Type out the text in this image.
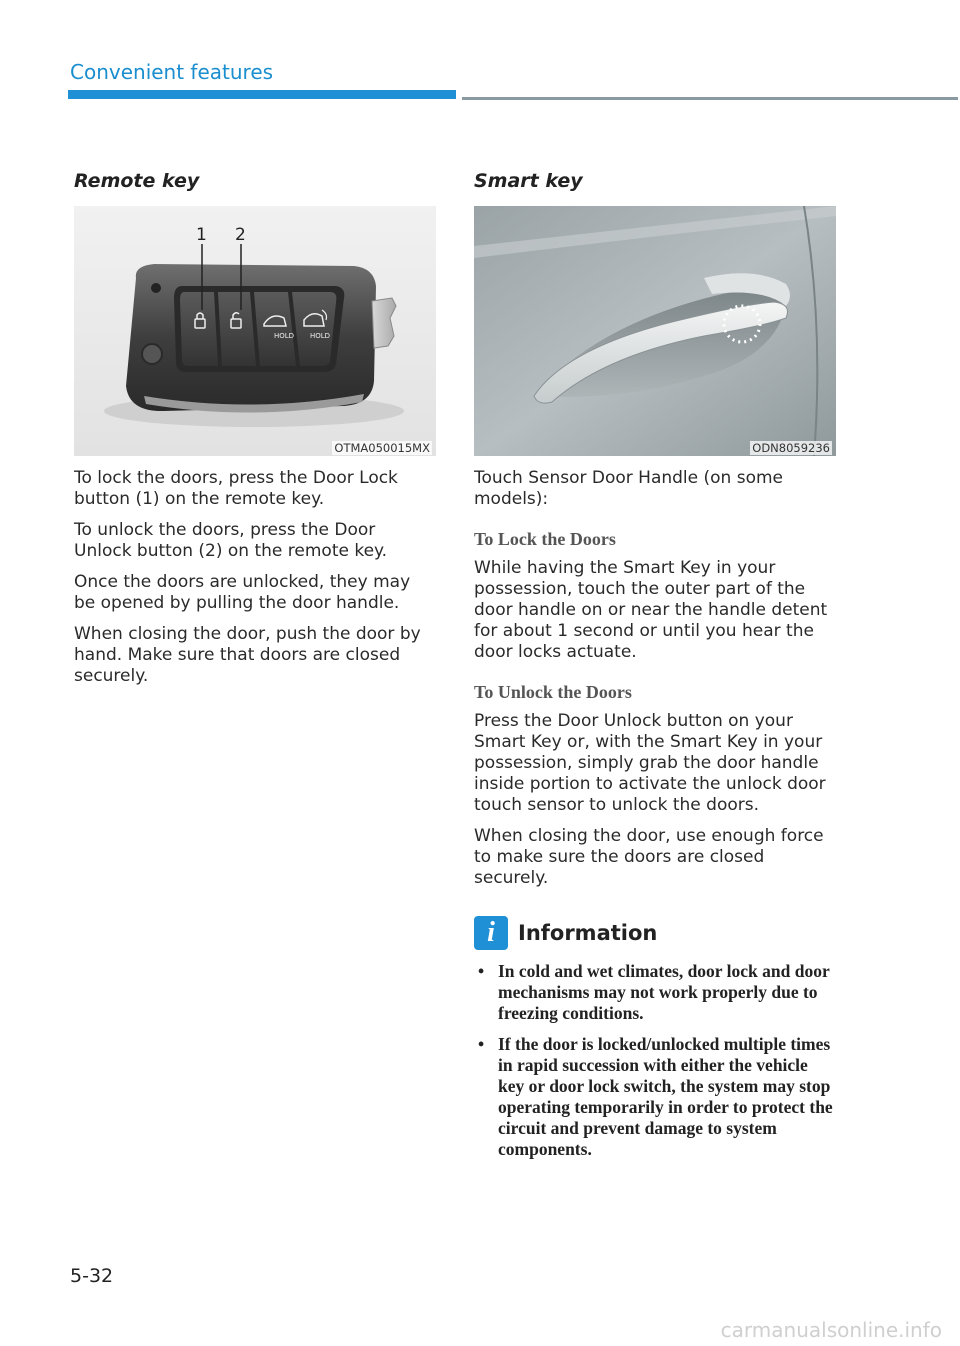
Convenient features
Remote key
HOLD HOLD
1 2
OTMA050015MX

To lock the doors, press the Door Lock button (1) on the remote key.

To unlock the doors, press the Door Unlock button (2) on the remote key.

Once the doors are unlocked, they may be opened by pulling the door handle.

When closing the door, push the door by hand. Make sure that doors are closed securely.

Smart key
ODN8059236

Touch Sensor Door Handle (on some models):

To Lock the Doors

While having the Smart Key in your possession, touch the outer part of the door handle on or near the handle detent for about 1 second or until you hear the door locks actuate.

To Unlock the Doors

Press the Door Unlock button on your Smart Key or, with the Smart Key in your possession, simply grab the door handle inside portion to activate the unlock door touch sensor to unlock the doors.

When closing the door, use enough force to make sure the doors are closed securely.

i	Information
• In cold and wet climates, door lock and door mechanisms may not work properly due to freezing conditions.
• If the door is locked/unlocked multiple times in rapid succession with either the vehicle key or door lock switch, the system may stop operating temporarily in order to protect the circuit and prevent damage to system components.
5-32
carmanualsonline.info
